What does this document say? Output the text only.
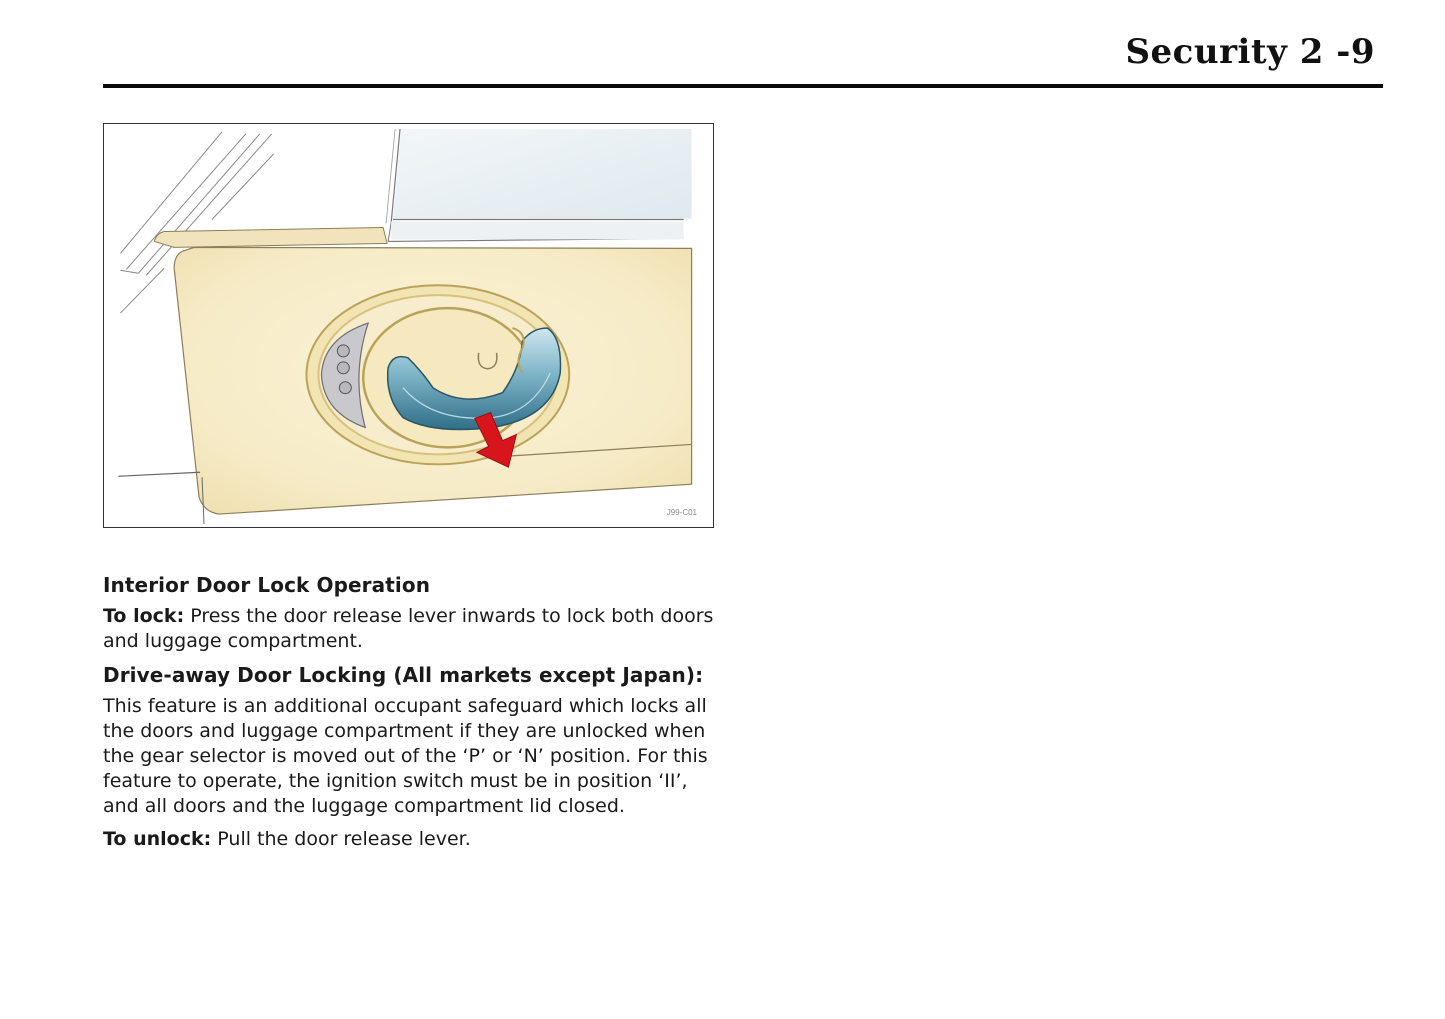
Security 2 -9
J99-C01
Interior Door Lock Operation

To lock: Press the door release lever inwards to lock both doors and luggage compartment.

Drive-away Door Locking (All markets except Japan):

This feature is an additional occupant safeguard which locks all the doors and luggage compartment if they are unlocked when the gear selector is moved out of the ‘P’ or ‘N’ position. For this feature to operate, the ignition switch must be in position ‘II’, and all doors and the luggage compartment lid closed.

To unlock: Pull the door release lever.
